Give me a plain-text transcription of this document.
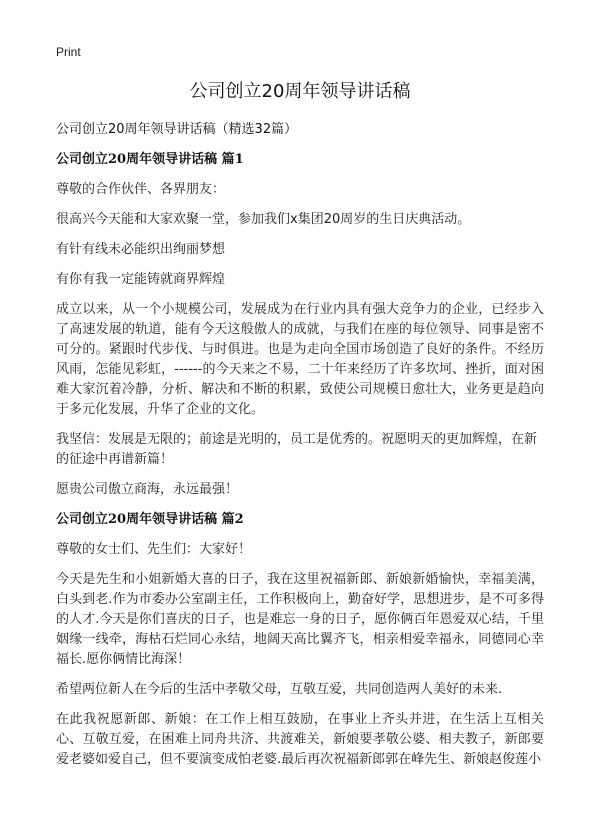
Print
公司创立20周年领导讲话稿

公司创立20周年领导讲话稿（精选32篇）

公司创立20周年领导讲话稿 篇1

尊敬的合作伙伴、各界朋友：

很高兴今天能和大家欢聚一堂，参加我们x集团20周岁的生日庆典活动。

有针有线未必能织出绚丽梦想

有你有我一定能铸就商界辉煌

成立以来，从一个小规模公司，发展成为在行业内具有强大竞争力的企业，已经步入了高速发展的轨道，能有今天这般傲人的成就，与我们在座的每位领导、同事是密不可分的。紧跟时代步伐、与时俱进。也是为走向全国市场创造了良好的条件。不经历风雨，怎能见彩虹，------的今天来之不易，二十年来经历了许多坎坷、挫折，面对困难大家沉着冷静，分析、解决和不断的积累，致使公司规模日愈壮大，业务更是趋向于多元化发展，升华了企业的文化。

我坚信：发展是无限的；前途是光明的，员工是优秀的。祝愿明天的更加辉煌，在新的征途中再谱新篇！

愿贵公司傲立商海，永远最强！

公司创立20周年领导讲话稿 篇2

尊敬的女士们、先生们：大家好！

今天是先生和小姐新婚大喜的日子，我在这里祝福新郎、新娘新婚愉快，幸福美满，白头到老.作为市委办公室副主任，工作积极向上，勤奋好学，思想进步，是不可多得的人才.今天是你们喜庆的日子，也是难忘一身的日子，愿你俩百年恩爱双心结，千里姻缘一线牵，海枯石烂同心永结，地阔天高比翼齐飞，相亲相爱幸福永，同德同心幸福长.愿你俩情比海深！

希望两位新人在今后的生活中孝敬父母，互敬互爱，共同创造两人美好的未来.

在此我祝愿新郎、新娘：在工作上相互鼓励，在事业上齐头并进，在生活上互相关心、互敬互爱，在困难上同舟共济、共渡难关，新娘要孝敬公婆、相夫教子，新郎要爱老婆如爱自己，但不要演变成怕老婆.最后再次祝福新郎郭在峰先生、新娘赵俊莲小
